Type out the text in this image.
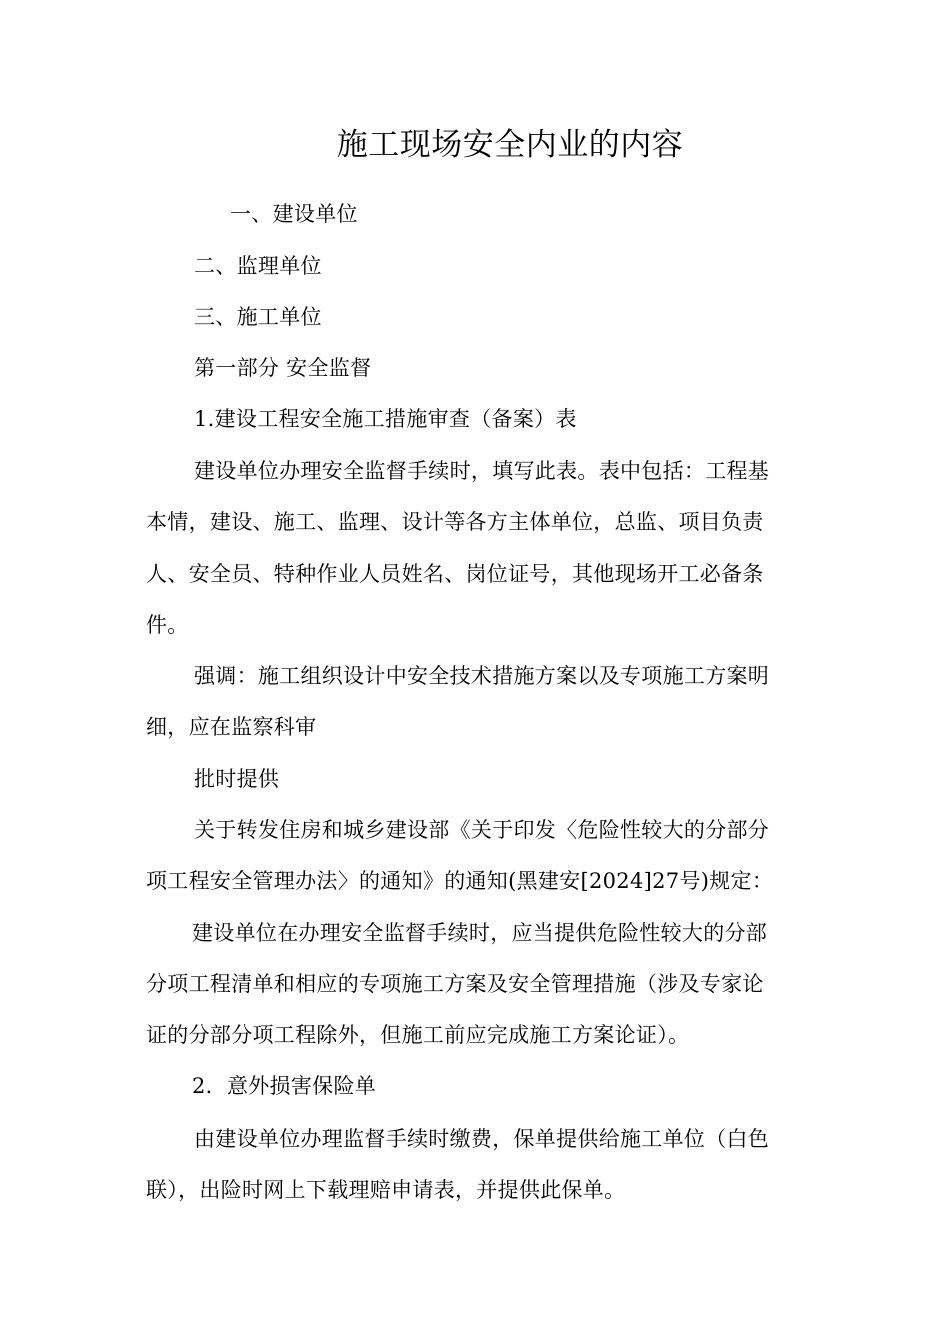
施工现场安全内业的内容
一、建设单位
二、监理单位
三、施工单位
第一部分 安全监督
1.建设工程安全施工措施审查（备案）表
建设单位办理安全监督手续时，填写此表。表中包括：工程基
本情，建设、施工、监理、设计等各方主体单位，总监、项目负责
人、安全员、特种作业人员姓名、岗位证号，其他现场开工必备条
件。
强调：施工组织设计中安全技术措施方案以及专项施工方案明
细，应在监察科审
批时提供
关于转发住房和城乡建设部《关于印发〈危险性较大的分部分
项工程安全管理办法〉的通知》的通知(黑建安[2024]27号)规定：
建设单位在办理安全监督手续时，应当提供危险性较大的分部
分项工程清单和相应的专项施工方案及安全管理措施（涉及专家论
证的分部分项工程除外，但施工前应完成施工方案论证）。
2．意外损害保险单
由建设单位办理监督手续时缴费，保单提供给施工单位（白色
联），出险时网上下载理赔申请表，并提供此保单。
